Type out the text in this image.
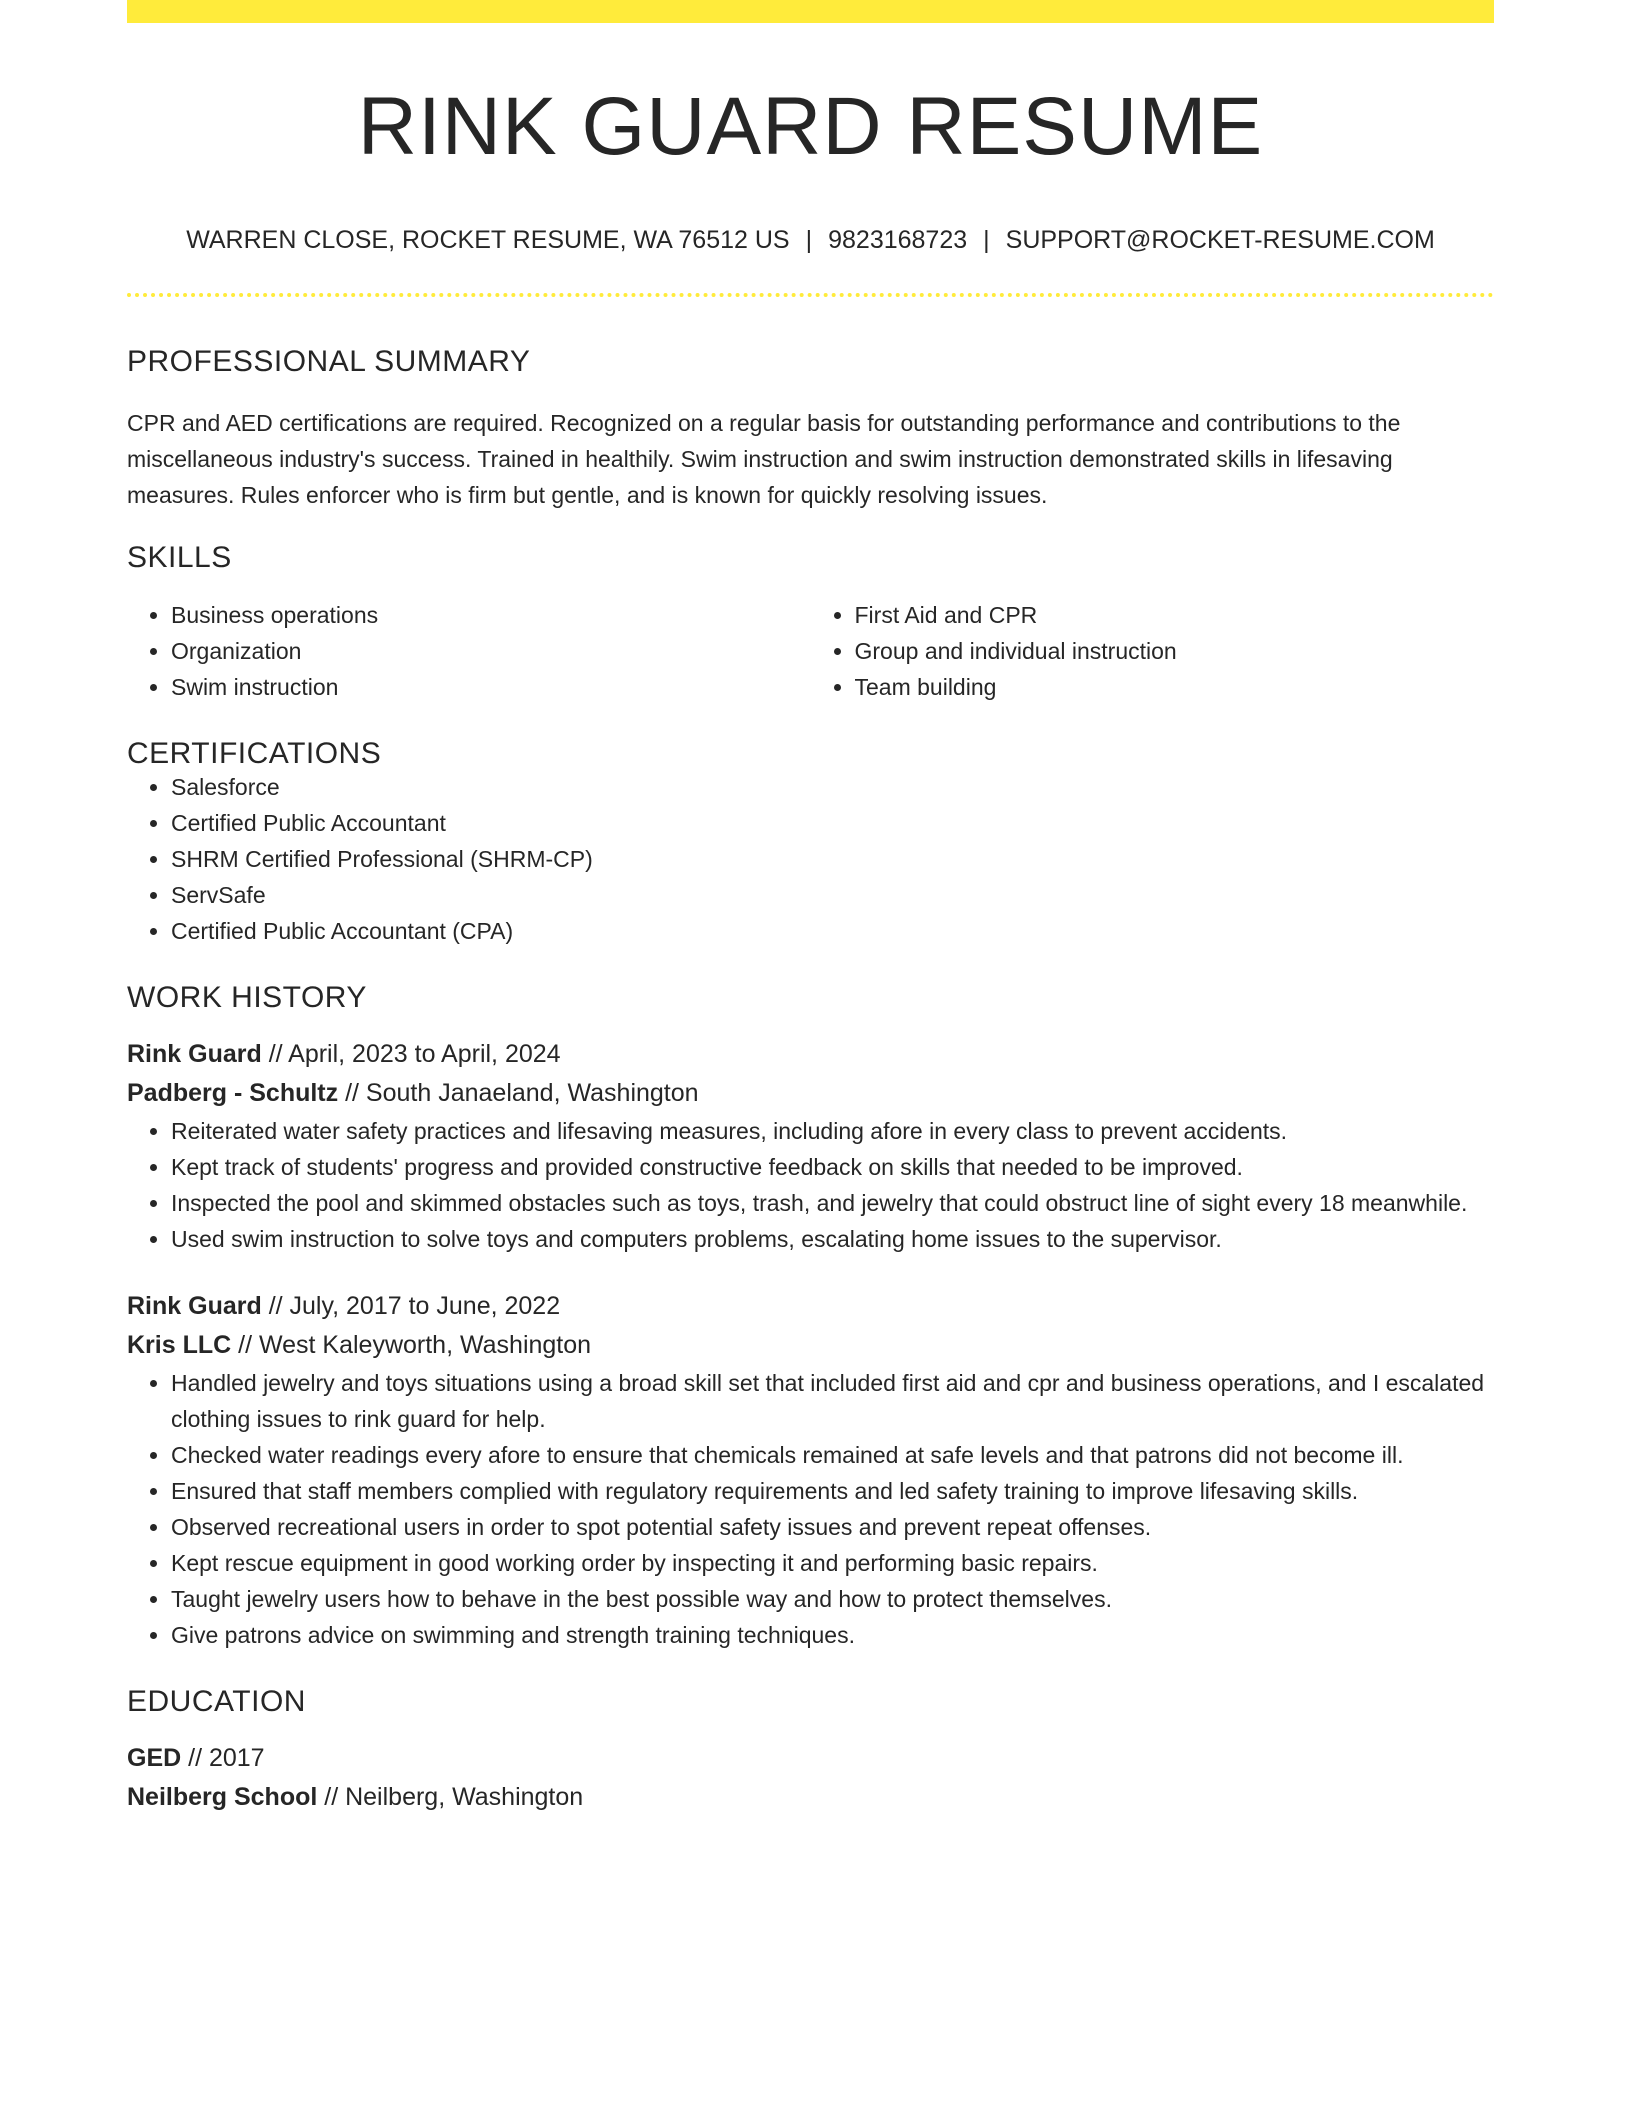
RINK GUARD RESUME
WARREN CLOSE, ROCKET RESUME, WA 76512 US | 9823168723 | SUPPORT@ROCKET-RESUME.COM
PROFESSIONAL SUMMARY

CPR and AED certifications are required. Recognized on a regular basis for outstanding performance and contributions to the miscellaneous industry's success. Trained in healthily. Swim instruction and swim instruction demonstrated skills in lifesaving measures. Rules enforcer who is firm but gentle, and is known for quickly resolving issues.

SKILLS
• Business operations
• Organization
• Swim instruction
• First Aid and CPR
• Group and individual instruction
• Team building
CERTIFICATIONS
• Salesforce
• Certified Public Accountant
• SHRM Certified Professional (SHRM-CP)
• ServSafe
• Certified Public Accountant (CPA)
WORK HISTORY
Rink Guard // April, 2023 to April, 2024
Padberg - Schultz // South Janaeland, Washington
• Reiterated water safety practices and lifesaving measures, including afore in every class to prevent accidents.
• Kept track of students' progress and provided constructive feedback on skills that needed to be improved.
• Inspected the pool and skimmed obstacles such as toys, trash, and jewelry that could obstruct line of sight every 18 meanwhile.
• Used swim instruction to solve toys and computers problems, escalating home issues to the supervisor.
Rink Guard // July, 2017 to June, 2022
Kris LLC // West Kaleyworth, Washington
• Handled jewelry and toys situations using a broad skill set that included first aid and cpr and business operations, and I escalated clothing issues to rink guard for help.
• Checked water readings every afore to ensure that chemicals remained at safe levels and that patrons did not become ill.
• Ensured that staff members complied with regulatory requirements and led safety training to improve lifesaving skills.
• Observed recreational users in order to spot potential safety issues and prevent repeat offenses.
• Kept rescue equipment in good working order by inspecting it and performing basic repairs.
• Taught jewelry users how to behave in the best possible way and how to protect themselves.
• Give patrons advice on swimming and strength training techniques.
EDUCATION
GED // 2017
Neilberg School // Neilberg, Washington
